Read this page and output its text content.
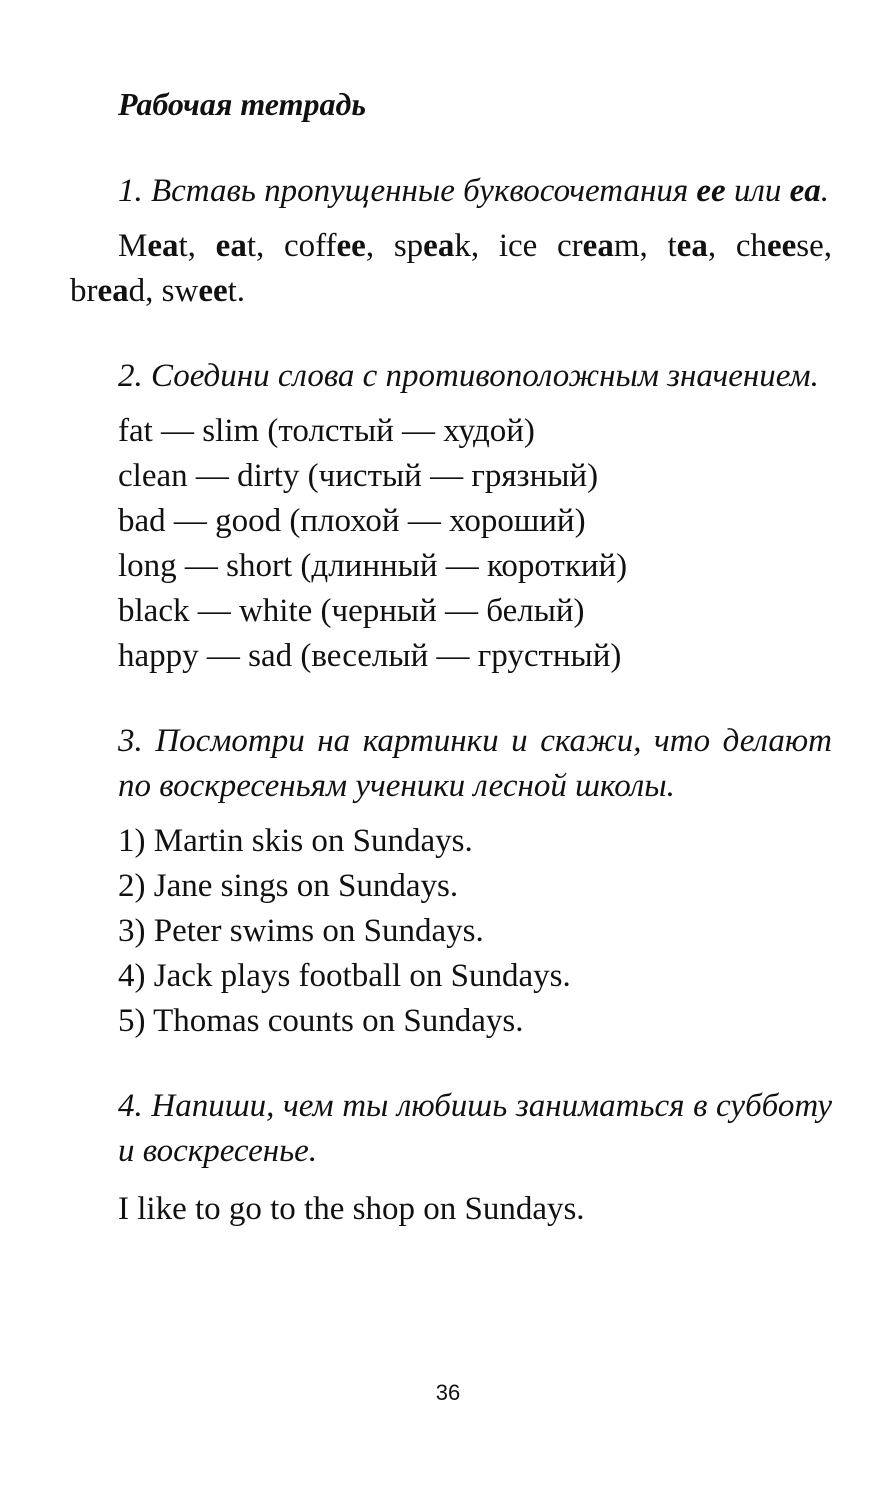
Рабочая тетрадь
1. Вставь пропущенные буквосочетания ee или ea.
Meat, eat, coffee, speak, ice cream, tea, cheese, bread, sweet.
2. Соедини слова с противоположным значением.
fat — slim (толстый — худой)
clean — dirty (чистый — грязный)
bad — good (плохой — хороший)
long — short (длинный — короткий)
black — white (черный — белый)
happy — sad (веселый — грустный)
3. Посмотри на картинки и скажи, что делают по воскресеньям ученики лесной школы.
1) Martin skis on Sundays.
2) Jane sings on Sundays.
3) Peter swims on Sundays.
4) Jack plays football on Sundays.
5) Thomas counts on Sundays.
4. Напиши, чем ты любишь заниматься в субботу и воскресенье.
I like to go to the shop on Sundays.
36
